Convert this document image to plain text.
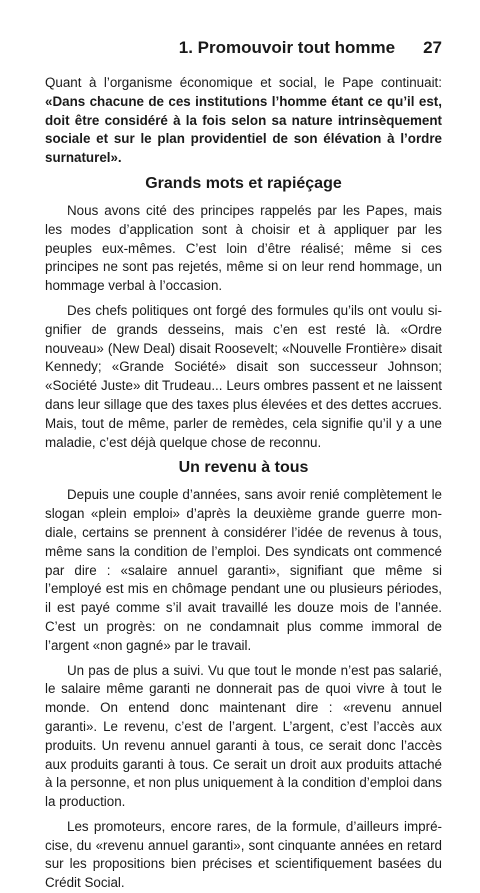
1. Promouvoir tout homme 27

Quant à l’organisme économique et social, le Pape continuait: «Dans chacune de ces institutions l’homme étant ce qu’il est, doit être considéré à la fois selon sa nature intrinsèquement sociale et sur le plan providentiel de son élévation à l’ordre surnaturel».

Grands mots et rapiéçage

Nous avons cité des principes rappelés par les Papes, mais les modes d’application sont à choisir et à appliquer par les peuples eux-mêmes. C’est loin d’être réalisé; même si ces principes ne sont pas rejetés, même si on leur rend hommage, un hommage verbal à l’occasion.

Des chefs politiques ont forgé des formules qu’ils ont voulu signifier de grands desseins, mais c’en est resté là. «Ordre nouveau» (New Deal) disait Roosevelt; «Nouvelle Frontière» disait Kennedy; «Grande Société» disait son successeur Johnson; «Société Juste» dit Trudeau... Leurs ombres passent et ne laissent dans leur sillage que des taxes plus élevées et des dettes accrues. Mais, tout de même, parler de remèdes, cela signifie qu’il y a une maladie, c’est déjà quelque chose de reconnu.

Un revenu à tous

Depuis une couple d’années, sans avoir renié complètement le slogan «plein emploi» d’après la deuxième grande guerre mondiale, certains se prennent à considérer l’idée de revenus à tous, même sans la condition de l’emploi. Des syndicats ont commencé par dire : «salaire annuel garanti», signifiant que même si l’employé est mis en chômage pendant une ou plusieurs périodes, il est payé comme s’il avait travaillé les douze mois de l’année. C’est un progrès: on ne condamnait plus comme immoral de l’argent «non gagné» par le travail.

Un pas de plus a suivi. Vu que tout le monde n’est pas salarié, le salaire même garanti ne donnerait pas de quoi vivre à tout le monde. On entend donc maintenant dire : «revenu annuel garanti». Le revenu, c’est de l’argent. L’argent, c’est l’accès aux produits. Un revenu annuel garanti à tous, ce serait donc l’accès aux produits garanti à tous. Ce serait un droit aux produits attaché à la personne, et non plus uniquement à la condition d’emploi dans la production.

Les promoteurs, encore rares, de la formule, d’ailleurs imprécise, du «revenu annuel garanti», sont cinquante années en retard sur les propositions bien précises et scientifiquement basées du Crédit Social.
